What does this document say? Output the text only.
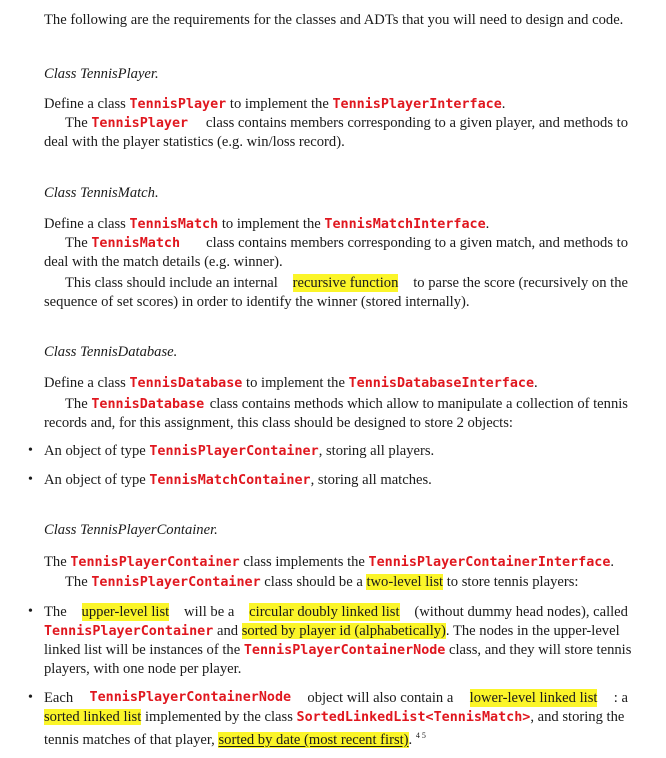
The following are the requirements for the classes and ADTs that you will need to design and code.
Class TennisPlayer.
Define a class TennisPlayer to implement the TennisPlayerInterface.
The TennisPlayer class contains members corresponding to a given player, and methods to
deal with the player statistics (e.g. win/loss record).
Class TennisMatch.
Define a class TennisMatch to implement the TennisMatchInterface.
The TennisMatch class contains members corresponding to a given match, and methods to
deal with the match details (e.g. winner).
This class should include an internal recursive function to parse the score (recursively on the
sequence of set scores) in order to identify the winner (stored internally).
Class TennisDatabase.
Define a class TennisDatabase to implement the TennisDatabaseInterface.
The TennisDatabase class contains methods which allow to manipulate a collection of tennis
records and, for this assignment, this class should be designed to store 2 objects:
• An object of type TennisPlayerContainer, storing all players.
• An object of type TennisMatchContainer, storing all matches.
Class TennisPlayerContainer.
The TennisPlayerContainer class implements the TennisPlayerContainerInterface.
The TennisPlayerContainer class should be a two-level list to store tennis players:
• The upper-level list will be a circular doubly linked list (without dummy head nodes), called
TennisPlayerContainer and sorted by player id (alphabetically). The nodes in the upper-level
linked list will be instances of the TennisPlayerContainerNode class, and they will store tennis
players, with one node per player.
• Each TennisPlayerContainerNode object will also contain a lower-level linked list : a
sorted linked list implemented by the class SortedLinkedList<TennisMatch>, and storing the
tennis matches of that player, sorted by date (most recent first). $^{4 5}$
